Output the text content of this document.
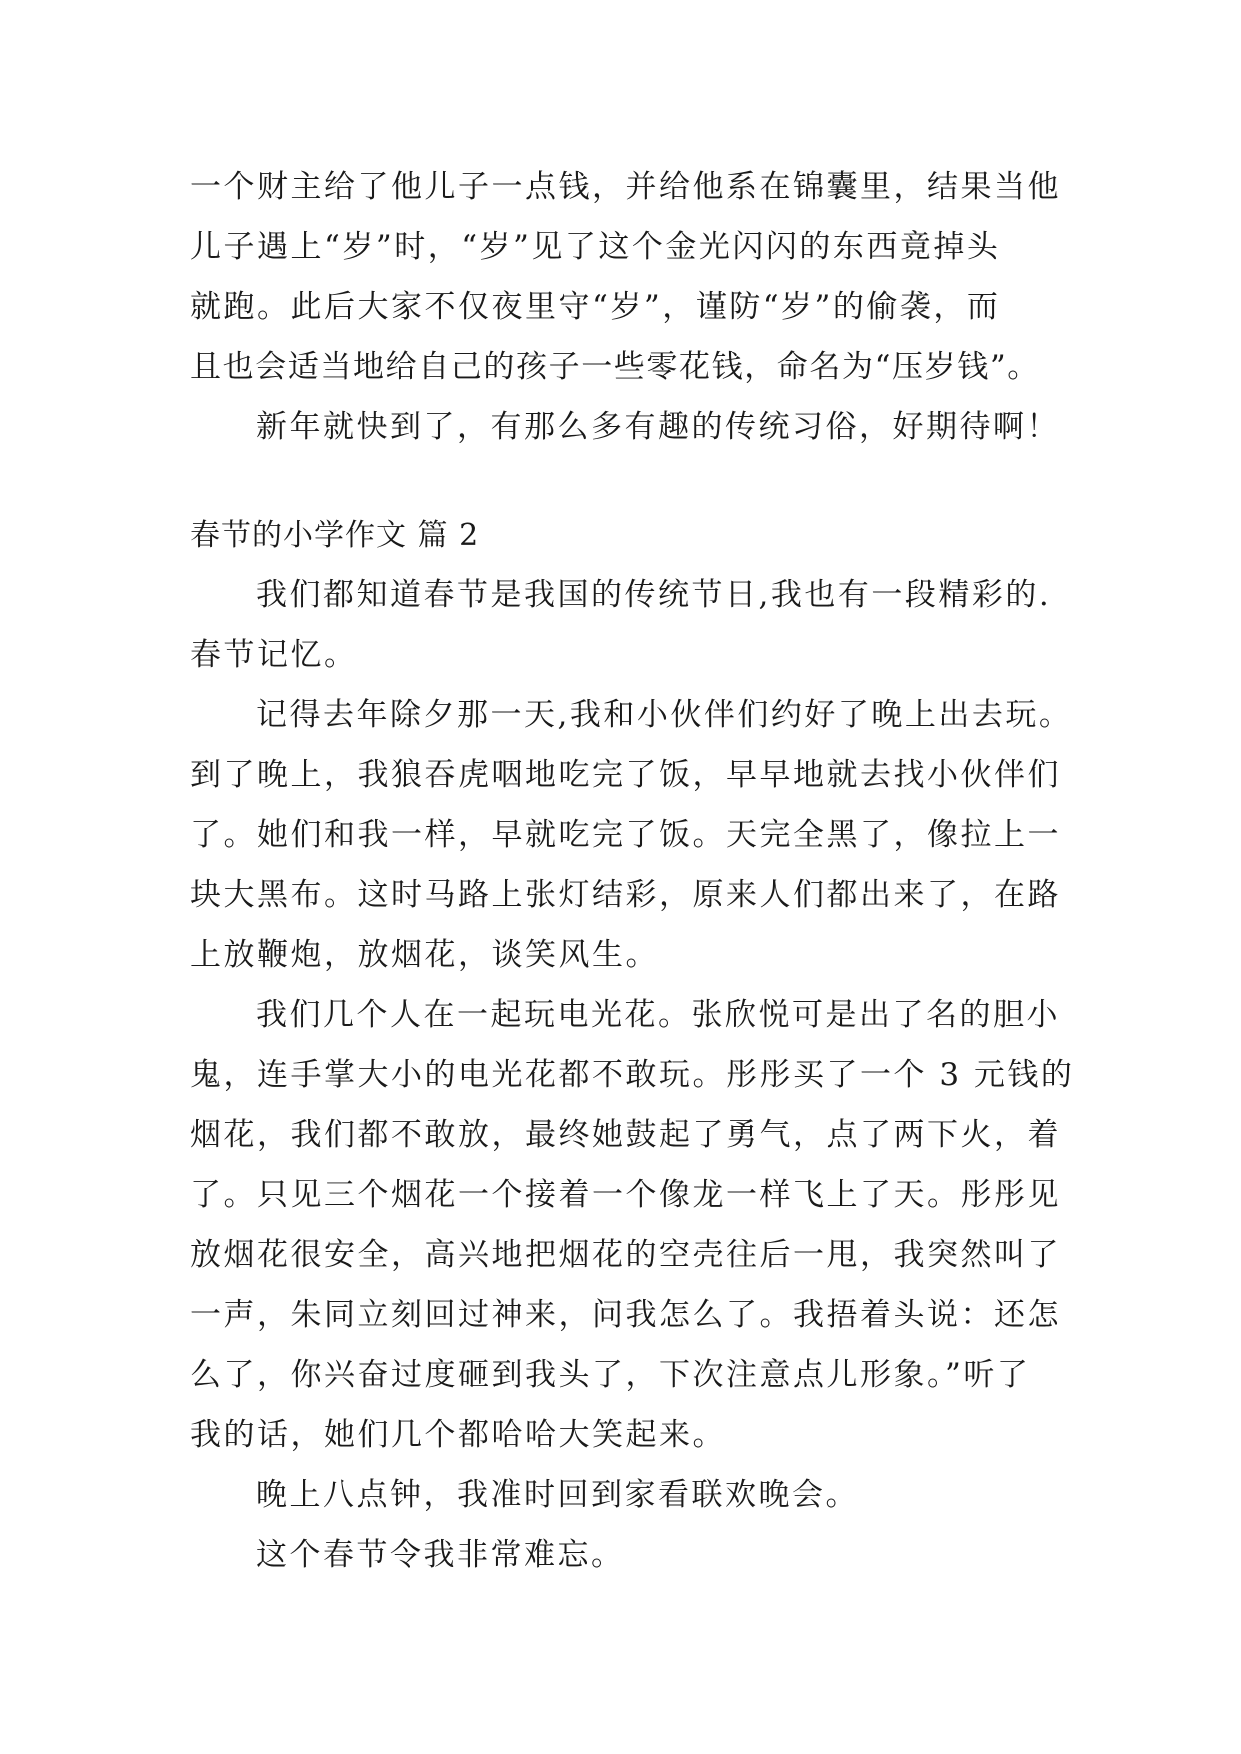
一个财主给了他儿子一点钱，并给他系在锦囊里，结果当他
儿子遇上“岁”时，“岁”见了这个金光闪闪的东西竟掉头
就跑。此后大家不仅夜里守“岁”，谨防“岁”的偷袭，而
且也会适当地给自己的孩子一些零花钱，命名为“压岁钱”。
新年就快到了，有那么多有趣的传统习俗，好期待啊！
春节的小学作文 篇 2
我们都知道春节是我国的传统节日,我也有一段精彩的.
春节记忆。
记得去年除夕那一天,我和小伙伴们约好了晚上出去玩。
到了晚上，我狼吞虎咽地吃完了饭，早早地就去找小伙伴们
了。她们和我一样，早就吃完了饭。天完全黑了，像拉上一
块大黑布。这时马路上张灯结彩，原来人们都出来了，在路
上放鞭炮，放烟花，谈笑风生。
我们几个人在一起玩电光花。张欣悦可是出了名的胆小
鬼，连手掌大小的电光花都不敢玩。彤彤买了一个 3 元钱的
烟花，我们都不敢放，最终她鼓起了勇气，点了两下火，着
了。只见三个烟花一个接着一个像龙一样飞上了天。彤彤见
放烟花很安全，高兴地把烟花的空壳往后一甩，我突然叫了
一声，朱同立刻回过神来，问我怎么了。我捂着头说：还怎
么了，你兴奋过度砸到我头了，下次注意点儿形象。”听了
我的话，她们几个都哈哈大笑起来。
晚上八点钟，我准时回到家看联欢晚会。
这个春节令我非常难忘。
